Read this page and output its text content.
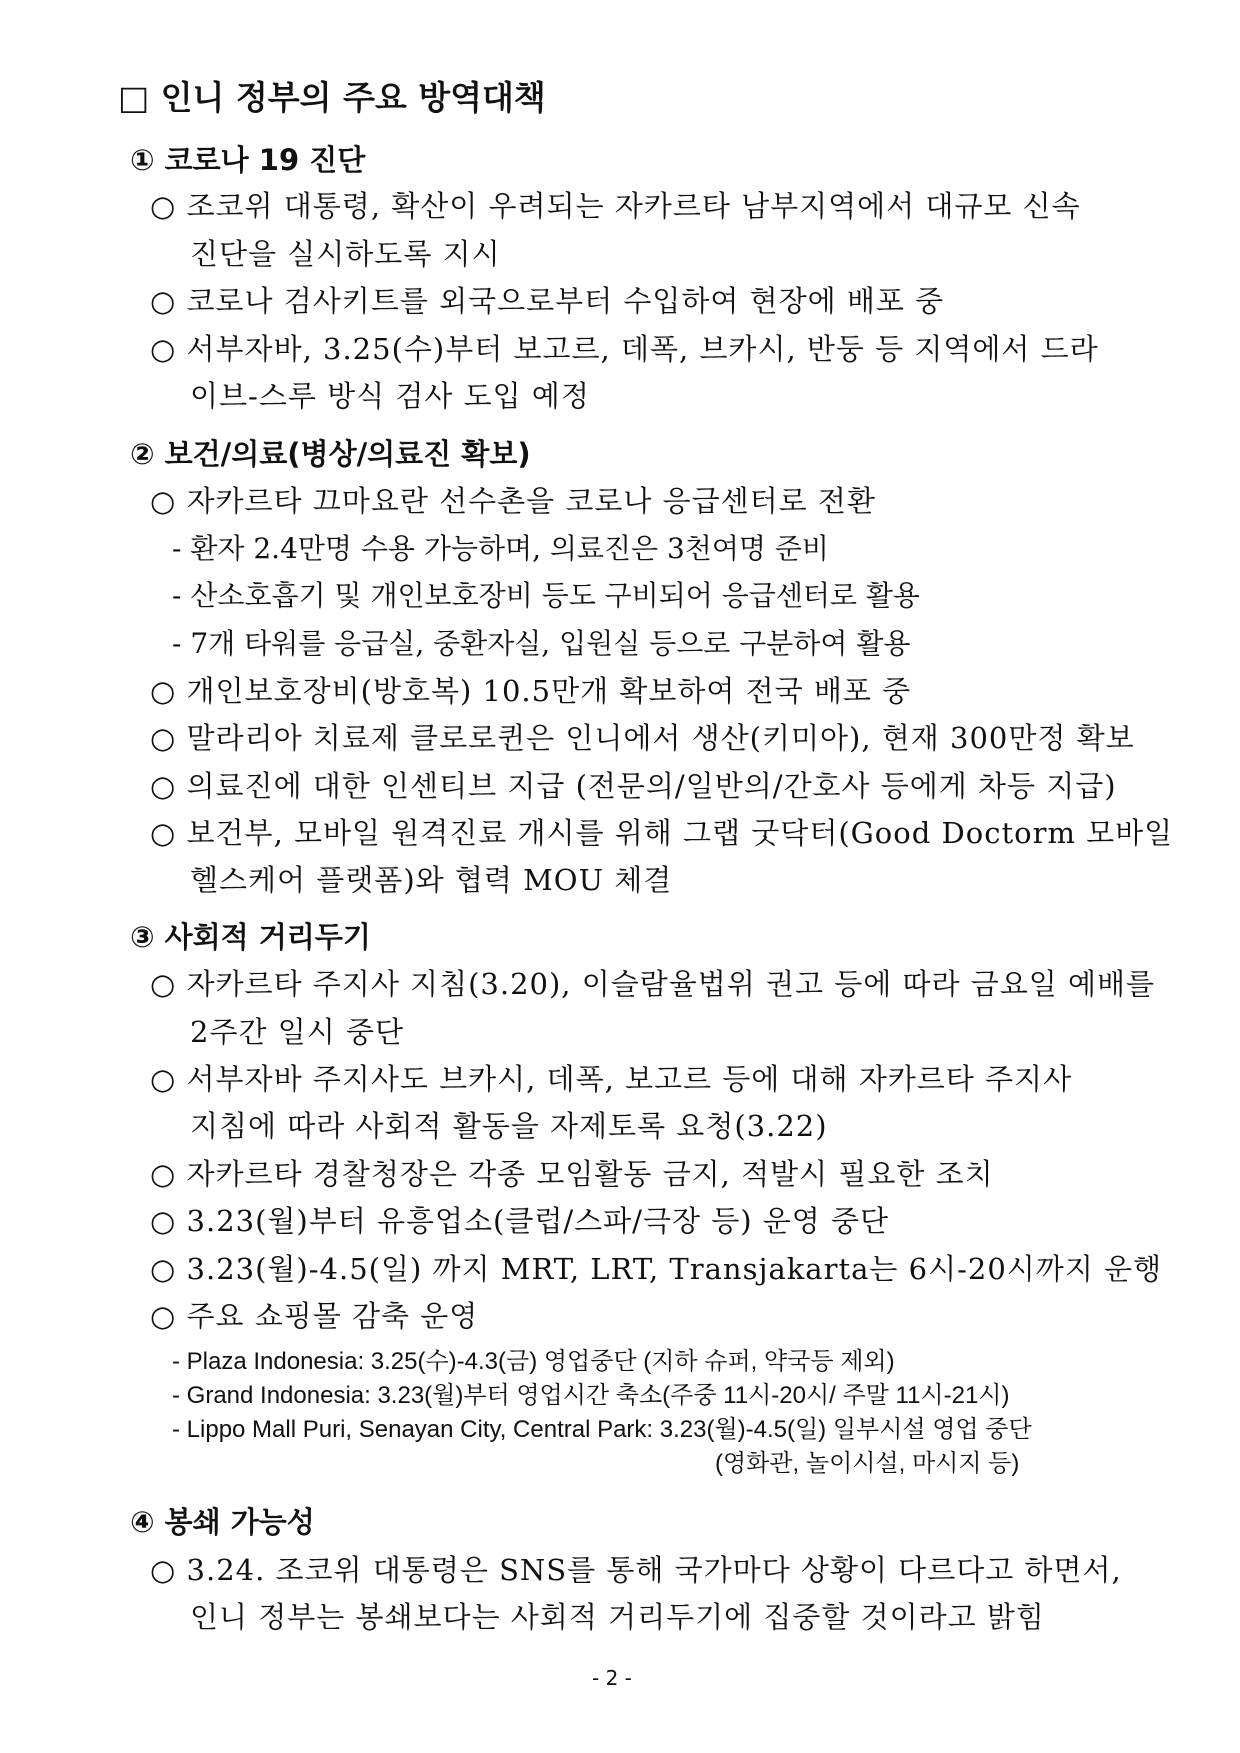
□ 인니 정부의 주요 방역대책
① 코로나 19 진단
○ 조코위 대통령, 확산이 우려되는 자카르타 남부지역에서 대규모 신속
진단을 실시하도록 지시
○ 코로나 검사키트를 외국으로부터 수입하여 현장에 배포 중
○ 서부자바, 3.25(수)부터 보고르, 데폭, 브카시, 반둥 등 지역에서 드라
이브-스루 방식 검사 도입 예정
② 보건/의료(병상/의료진 확보)
○ 자카르타 끄마요란 선수촌을 코로나 응급센터로 전환
- 환자 2.4만명 수용 가능하며, 의료진은 3천여명 준비
- 산소호흡기 및 개인보호장비 등도 구비되어 응급센터로 활용
- 7개 타워를 응급실, 중환자실, 입원실 등으로 구분하여 활용
○ 개인보호장비(방호복) 10.5만개 확보하여 전국 배포 중
○ 말라리아 치료제 클로로퀸은 인니에서 생산(키미아), 현재 300만정 확보
○ 의료진에 대한 인센티브 지급 (전문의/일반의/간호사 등에게 차등 지급)
○ 보건부, 모바일 원격진료 개시를 위해 그랩 굿닥터(Good Doctorm 모바일
헬스케어 플랫폼)와 협력 MOU 체결
③ 사회적 거리두기
○ 자카르타 주지사 지침(3.20), 이슬람율법위 권고 등에 따라 금요일 예배를
2주간 일시 중단
○ 서부자바 주지사도 브카시, 데폭, 보고르 등에 대해 자카르타 주지사
지침에 따라 사회적 활동을 자제토록 요청(3.22)
○ 자카르타 경찰청장은 각종 모임활동 금지, 적발시 필요한 조치
○ 3.23(월)부터 유흥업소(클럽/스파/극장 등) 운영 중단
○ 3.23(월)-4.5(일) 까지 MRT, LRT, Transjakarta는 6시-20시까지 운행
○ 주요 쇼핑몰 감축 운영
- Plaza Indonesia: 3.25(수)-4.3(금) 영업중단 (지하 슈퍼, 약국등 제외)
- Grand Indonesia: 3.23(월)부터 영업시간 축소(주중 11시-20시/ 주말 11시-21시)
- Lippo Mall Puri, Senayan City, Central Park: 3.23(월)-4.5(일) 일부시설 영업 중단
(영화관, 놀이시설, 마시지 등)
④ 봉쇄 가능성
○ 3.24. 조코위 대통령은 SNS를 통해 국가마다 상황이 다르다고 하면서,
인니 정부는 봉쇄보다는 사회적 거리두기에 집중할 것이라고 밝힘
- 2 -
